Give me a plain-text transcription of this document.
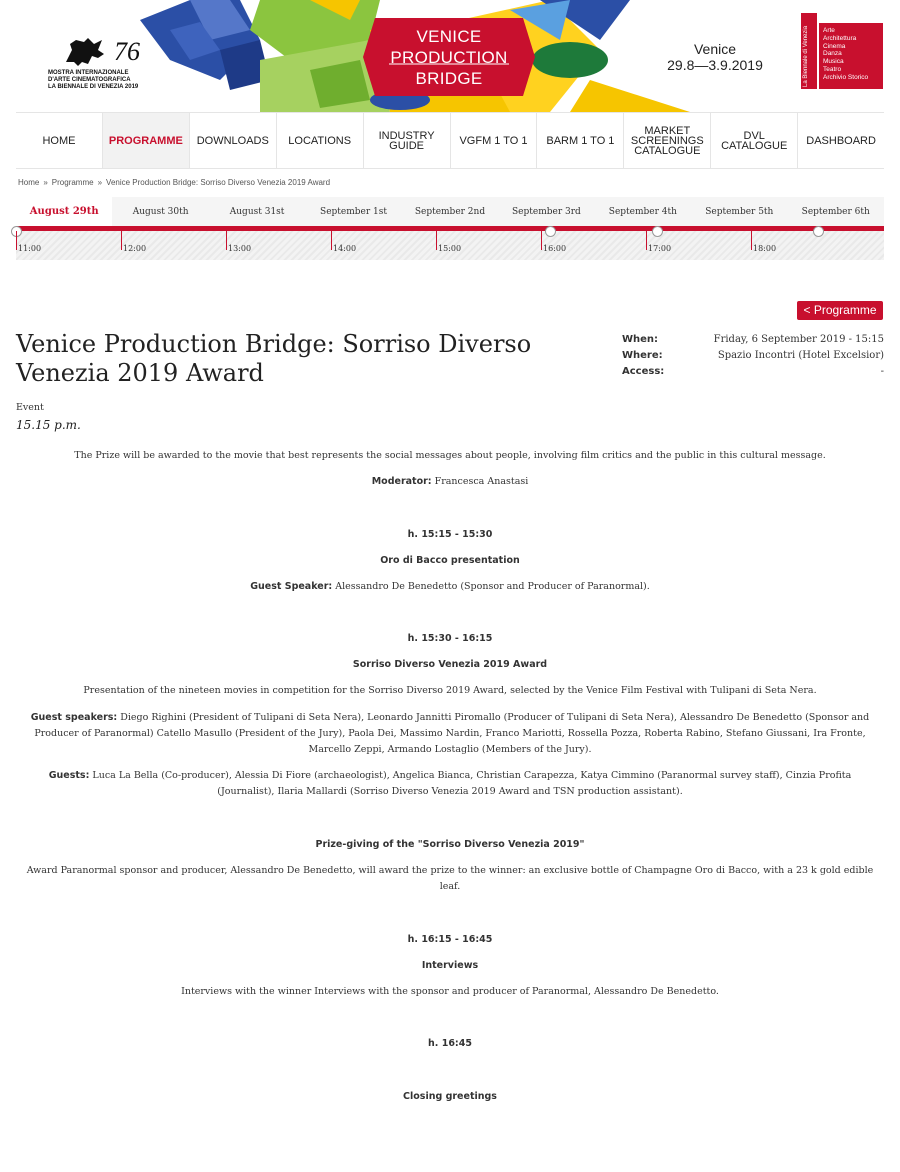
76
MOSTRA INTERNAZIONALE
D'ARTE CINEMATOGRAFICA
LA BIENNALE DI VENEZIA 2019
VENICE
PRODUCTION
BRIDGE
Venice
29.8—3.9.2019	La Biennale di Venezia Arte
Architettura
Cinema
Danza
Musica
Teatro
Archivio Storico
HOME	PROGRAMME	DOWNLOADS	LOCATIONS	INDUSTRY GUIDE	VGFM 1 TO 1	BARM 1 TO 1
MARKET SCREENINGS CATALOGUE
DVL CATALOGUE	DASHBOARD
Home » Programme » Venice Production Bridge: Sorriso Diverso Venezia 2019 Award
August 29th	August 30th	August 31st	September 1st	September 2nd	September 3rd	September 4th	September 5th	September 6th
11:00	12:00	13:00	14:00	15:00	16:00	17:00	18:00
< Programme
Venice Production Bridge: Sorriso Diverso Venezia 2019 Award
When:	Friday, 6 September 2019 - 15:15
Where:	Spazio Incontri (Hotel Excelsior)
Access:	-
Event
15.15 p.m.
The Prize will be awarded to the movie that best represents the social messages about people, involving film critics and the public in this cultural message.
Moderator: Francesca Anastasi
h. 15:15 - 15:30
Oro di Bacco presentation
Guest Speaker: Alessandro De Benedetto (Sponsor and Producer of Paranormal).
h. 15:30 - 16:15
Sorriso Diverso Venezia 2019 Award
Presentation of the nineteen movies in competition for the Sorriso Diverso 2019 Award, selected by the Venice Film Festival with Tulipani di Seta Nera.
Guest speakers: Diego Righini (President of Tulipani di Seta Nera), Leonardo Jannitti Piromallo (Producer of Tulipani di Seta Nera), Alessandro De Benedetto (Sponsor and
Producer of Paranormal) Catello Masullo (President of the Jury), Paola Dei, Massimo Nardin, Franco Mariotti, Rossella Pozza, Roberta Rabino, Stefano Giussani, Ira Fronte,
Marcello Zeppi, Armando Lostaglio (Members of the Jury).
Guests: Luca La Bella (Co-producer), Alessia Di Fiore (archaeologist), Angelica Bianca, Christian Carapezza, Katya Cimmino (Paranormal survey staff), Cinzia Profita
(Journalist), Ilaria Mallardi (Sorriso Diverso Venezia 2019 Award and TSN production assistant).
Prize-giving of the "Sorriso Diverso Venezia 2019"
Award Paranormal sponsor and producer, Alessandro De Benedetto, will award the prize to the winner: an exclusive bottle of Champagne Oro di Bacco, with a 23 k gold edible
leaf.
h. 16:15 - 16:45
Interviews
Interviews with the winner Interviews with the sponsor and producer of Paranormal, Alessandro De Benedetto.
h. 16:45
Closing greetings
